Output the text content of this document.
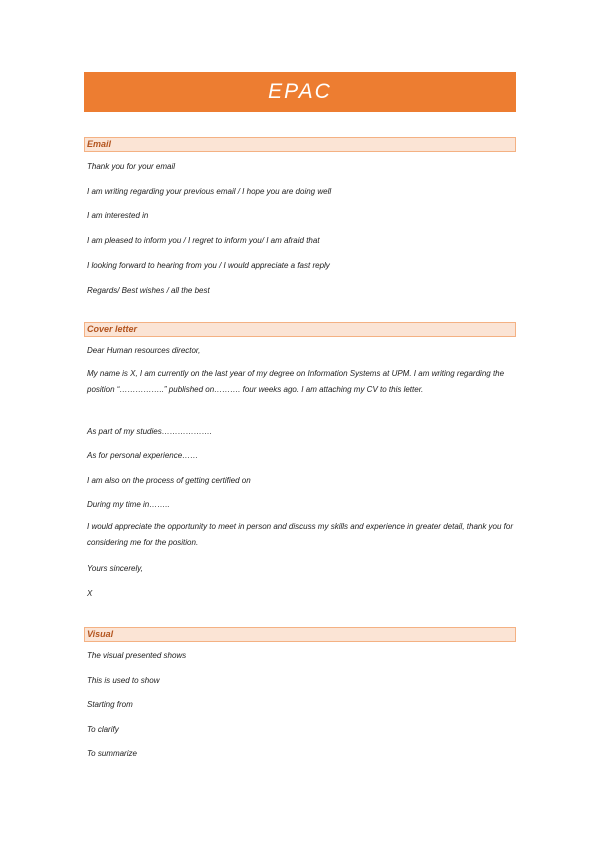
EPAC
Email
Thank you for your email
I am writing regarding your previous email / I hope you are doing well
I am interested in
I am pleased to inform you / I regret to inform you/ I am afraid that
I looking forward to hearing from you / I would appreciate a fast reply
Regards/ Best wishes / all the best
Cover letter
Dear Human resources director,
My name is X, I am currently on the last year of my degree on Information Systems at UPM. I am writing regarding the position “……………..” published on………. four weeks ago. I am attaching my CV to this letter.
As part of my studies……………….
As for personal experience……
I am also on the process of getting certified on
During my time in……..
I would appreciate the opportunity to meet in person and discuss my skills and experience in greater detail, thank you for considering me for the position.
Yours sincerely,
X
Visual
The visual presented shows
This is used to show
Starting from
To clarify
To summarize
